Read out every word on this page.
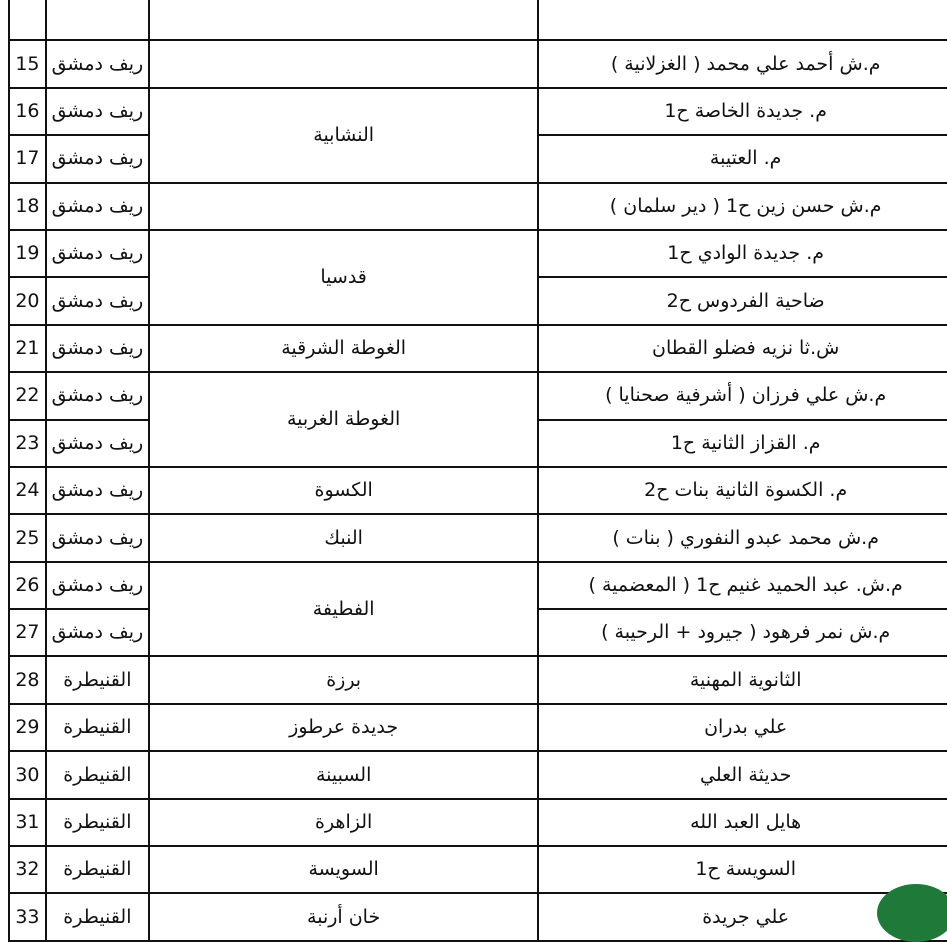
15	ريف دمشق		م.ش أحمد علي محمد ( الغزلانية )
16	ريف دمشق	النشابية	م. جديدة الخاصة ح1
17	ريف دمشق		م. العتيبة
18	ريف دمشق		م.ش حسن زين ح1 ( دير سلمان )
19	ريف دمشق	قدسيا	م. جديدة الوادي ح1
20	ريف دمشق		ضاحية الفردوس ح2
21	ريف دمشق	الغوطة الشرقية	ش.ثا نزيه فضلو القطان
22	ريف دمشق	الغوطة الغربية	م.ش علي فرزان ( أشرفية صحنايا )
23	ريف دمشق		م. القزاز الثانية ح1
24	ريف دمشق	الكسوة	م. الكسوة الثانية بنات ح2
25	ريف دمشق	النبك	م.ش محمد عبدو النفوري ( بنات )
26	ريف دمشق	الفطيفة	م.ش. عبد الحميد غنيم ح1 ( المعضمية )
27	ريف دمشق		م.ش نمر فرهود ( جيرود + الرحيبة )
28	القنيطرة	برزة	الثانوية المهنية
29	القنيطرة	جديدة عرطوز	علي بدران
30	القنيطرة	السبينة	حديثة العلي
31	القنيطرة	الزاهرة	هايل العبد الله
32	القنيطرة	السويسة	السويسة ح1
33	القنيطرة	خان أرنبة	علي جريدة
